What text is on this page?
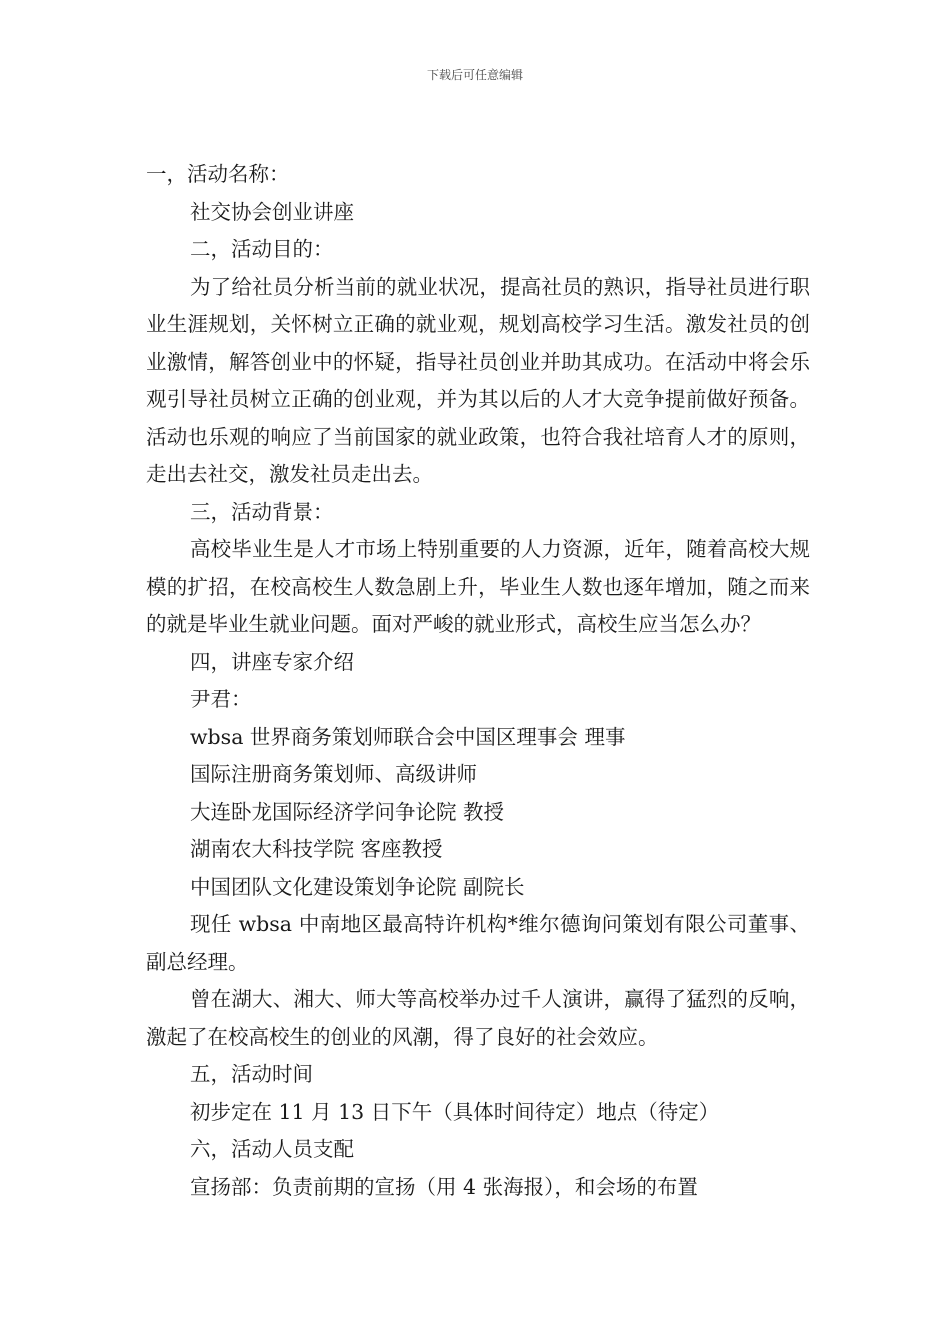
下载后可任意编辑

一，活动名称：

社交协会创业讲座

二，活动目的：

为了给社员分析当前的就业状况，提高社员的熟识，指导社员进行职业生涯规划，关怀树立正确的就业观，规划高校学习生活。激发社员的创业激情，解答创业中的怀疑，指导社员创业并助其成功。在活动中将会乐观引导社员树立正确的创业观，并为其以后的人才大竞争提前做好预备。活动也乐观的响应了当前国家的就业政策，也符合我社培育人才的原则，走出去社交，激发社员走出去。

三，活动背景：

高校毕业生是人才市场上特别重要的人力资源，近年，随着高校大规模的扩招，在校高校生人数急剧上升，毕业生人数也逐年增加，随之而来的就是毕业生就业问题。面对严峻的就业形式，高校生应当怎么办？

四，讲座专家介绍

尹君：

wbsa 世界商务策划师联合会中国区理事会 理事

国际注册商务策划师、高级讲师

大连卧龙国际经济学问争论院 教授

湖南农大科技学院 客座教授

中国团队文化建设策划争论院 副院长

现任 wbsa 中南地区最高特许机构*维尔德询问策划有限公司董事、副总经理。

曾在湖大、湘大、师大等高校举办过千人演讲，赢得了猛烈的反响，激起了在校高校生的创业的风潮，得了良好的社会效应。

五，活动时间

初步定在 11 月 13 日下午（具体时间待定）地点（待定）

六，活动人员支配

宣扬部：负责前期的宣扬（用 4 张海报），和会场的布置
